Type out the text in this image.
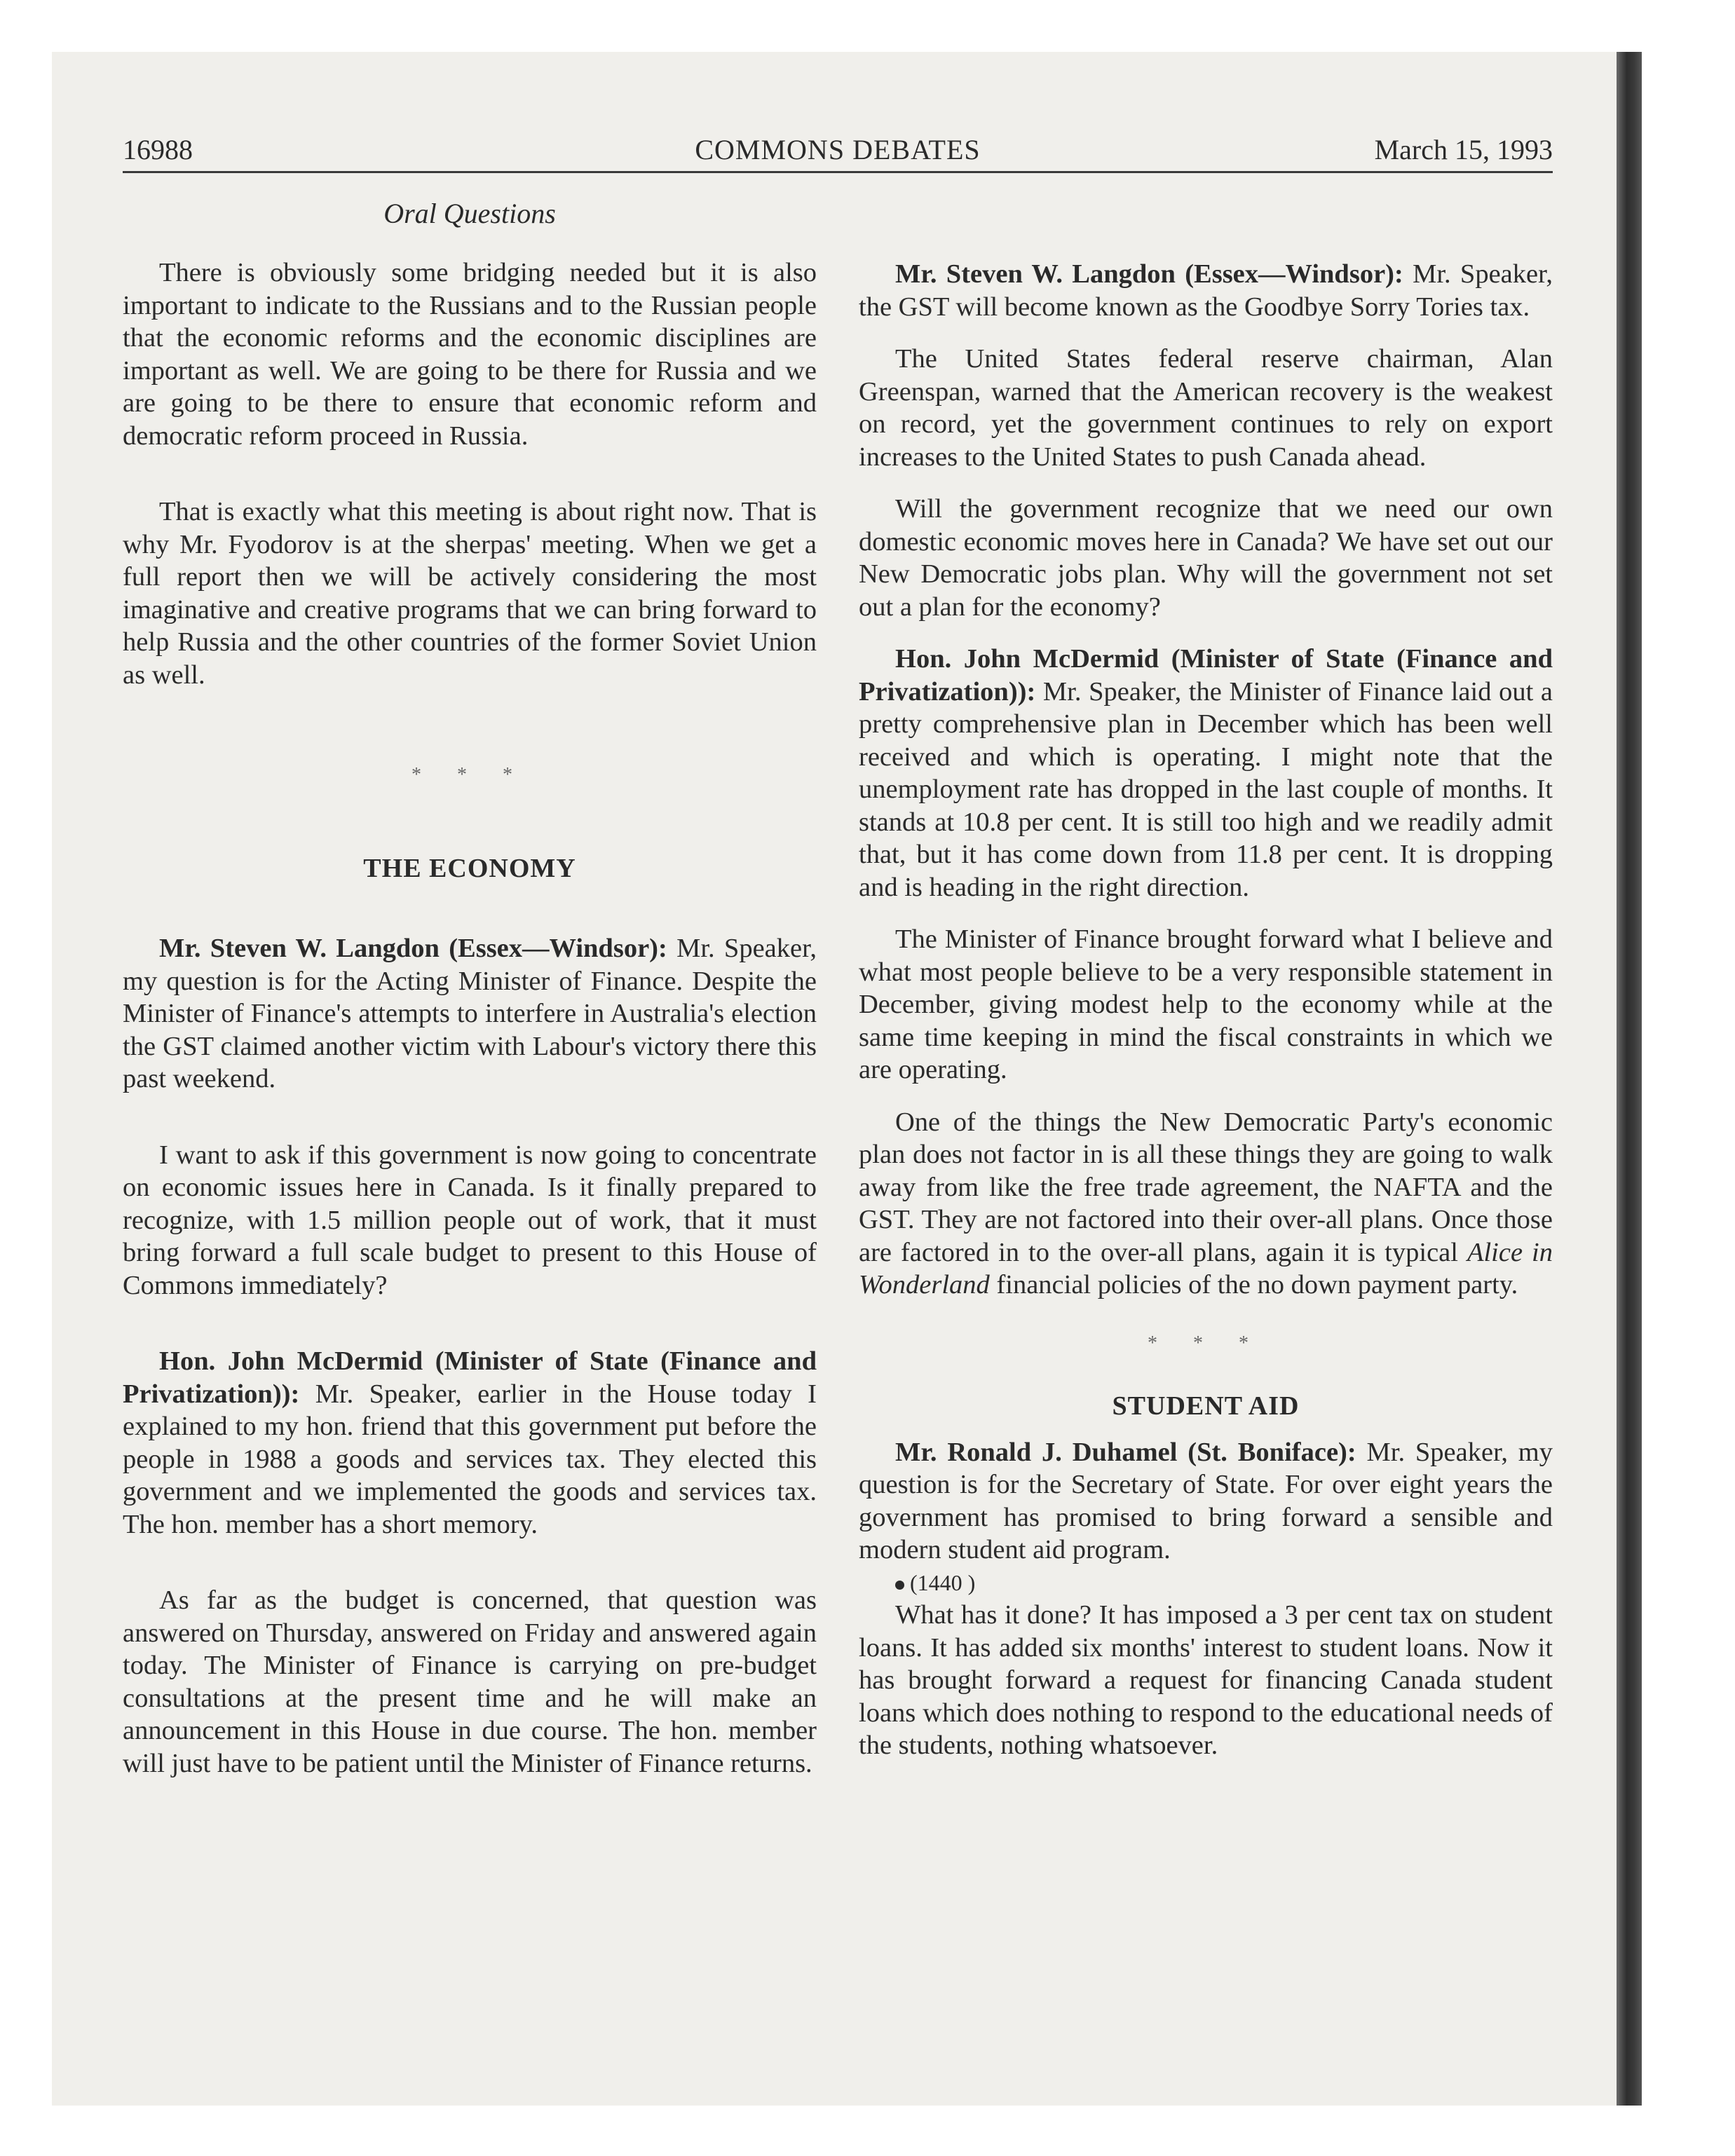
16988	COMMONS DEBATES	March 15, 1993
Oral Questions

There is obviously some bridging needed but it is also important to indicate to the Russians and to the Russian people that the economic reforms and the economic disciplines are important as well. We are going to be there for Russia and we are going to be there to ensure that economic reform and democratic reform proceed in Russia.

That is exactly what this meeting is about right now. That is why Mr. Fyodorov is at the sherpas' meeting. When we get a full report then we will be actively considering the most imaginative and creative programs that we can bring forward to help Russia and the other countries of the former Soviet Union as well.

* * *
THE ECONOMY

Mr. Steven W. Langdon (Essex—Windsor): Mr. Speaker, my question is for the Acting Minister of Finance. Despite the Minister of Finance's attempts to interfere in Australia's election the GST claimed another victim with Labour's victory there this past weekend.

I want to ask if this government is now going to concentrate on economic issues here in Canada. Is it finally prepared to recognize, with 1.5 million people out of work, that it must bring forward a full scale budget to present to this House of Commons immediately?

Hon. John McDermid (Minister of State (Finance and Privatization)): Mr. Speaker, earlier in the House today I explained to my hon. friend that this government put before the people in 1988 a goods and services tax. They elected this government and we implemented the goods and services tax. The hon. member has a short memory.

As far as the budget is concerned, that question was answered on Thursday, answered on Friday and answered again today. The Minister of Finance is carrying on pre-budget consultations at the present time and he will make an announcement in this House in due course. The hon. member will just have to be patient until the Minister of Finance returns.

Mr. Steven W. Langdon (Essex—Windsor): Mr. Speaker, the GST will become known as the Goodbye Sorry Tories tax.

The United States federal reserve chairman, Alan Greenspan, warned that the American recovery is the weakest on record, yet the government continues to rely on export increases to the United States to push Canada ahead.

Will the government recognize that we need our own domestic economic moves here in Canada? We have set out our New Democratic jobs plan. Why will the government not set out a plan for the economy?

Hon. John McDermid (Minister of State (Finance and Privatization)): Mr. Speaker, the Minister of Finance laid out a pretty comprehensive plan in December which has been well received and which is operating. I might note that the unemployment rate has dropped in the last couple of months. It stands at 10.8 per cent. It is still too high and we readily admit that, but it has come down from 11.8 per cent. It is dropping and is heading in the right direction.

The Minister of Finance brought forward what I believe and what most people believe to be a very responsible statement in December, giving modest help to the economy while at the same time keeping in mind the fiscal constraints in which we are operating.

One of the things the New Democratic Party's economic plan does not factor in is all these things they are going to walk away from like the free trade agreement, the NAFTA and the GST. They are not factored into their over-all plans. Once those are factored in to the over-all plans, again it is typical Alice in Wonderland financial policies of the no down payment party.

* * *
STUDENT AID

Mr. Ronald J. Duhamel (St. Boniface): Mr. Speaker, my question is for the Secretary of State. For over eight years the government has promised to bring forward a sensible and modern student aid program.

(1440 )

What has it done? It has imposed a 3 per cent tax on student loans. It has added six months' interest to student loans. Now it has brought forward a request for financing Canada student loans which does nothing to respond to the educational needs of the students, nothing whatsoever.
